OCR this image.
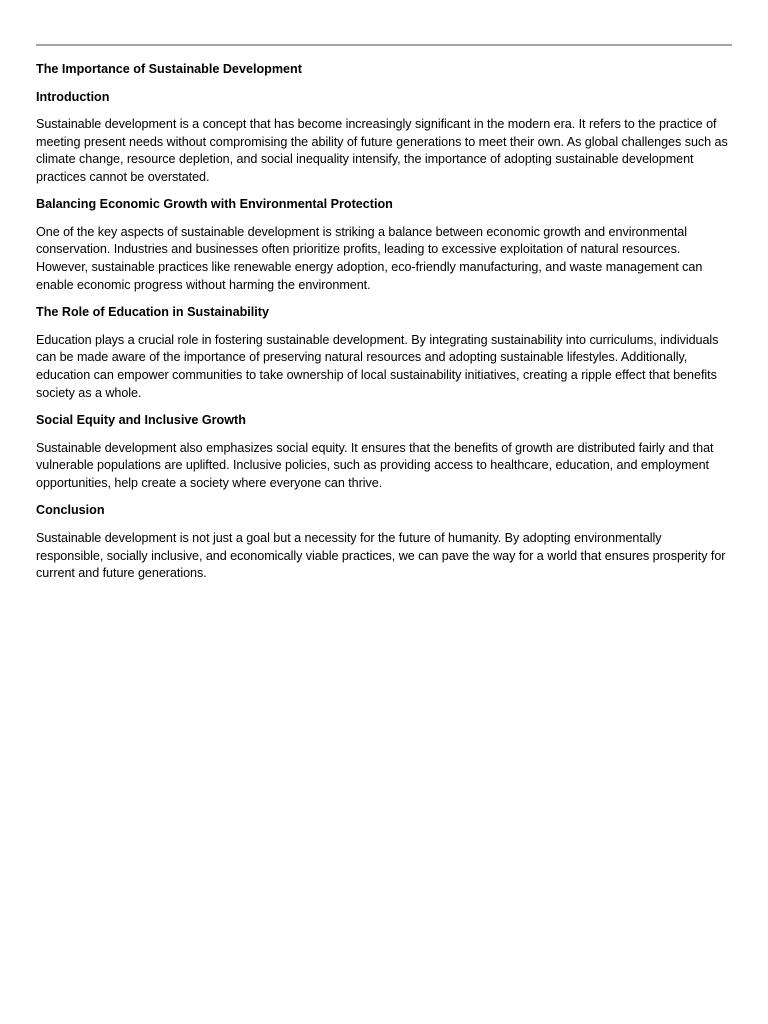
The Importance of Sustainable Development
Introduction

Sustainable development is a concept that has become increasingly significant in the modern era. It refers to the practice of meeting present needs without compromising the ability of future generations to meet their own. As global challenges such as climate change, resource depletion, and social inequality intensify, the importance of adopting sustainable development practices cannot be overstated.

Balancing Economic Growth with Environmental Protection

One of the key aspects of sustainable development is striking a balance between economic growth and environmental conservation. Industries and businesses often prioritize profits, leading to excessive exploitation of natural resources. However, sustainable practices like renewable energy adoption, eco-friendly manufacturing, and waste management can enable economic progress without harming the environment.

The Role of Education in Sustainability

Education plays a crucial role in fostering sustainable development. By integrating sustainability into curriculums, individuals can be made aware of the importance of preserving natural resources and adopting sustainable lifestyles. Additionally, education can empower communities to take ownership of local sustainability initiatives, creating a ripple effect that benefits society as a whole.

Social Equity and Inclusive Growth

Sustainable development also emphasizes social equity. It ensures that the benefits of growth are distributed fairly and that vulnerable populations are uplifted. Inclusive policies, such as providing access to healthcare, education, and employment opportunities, help create a society where everyone can thrive.

Conclusion

Sustainable development is not just a goal but a necessity for the future of humanity. By adopting environmentally responsible, socially inclusive, and economically viable practices, we can pave the way for a world that ensures prosperity for current and future generations.
